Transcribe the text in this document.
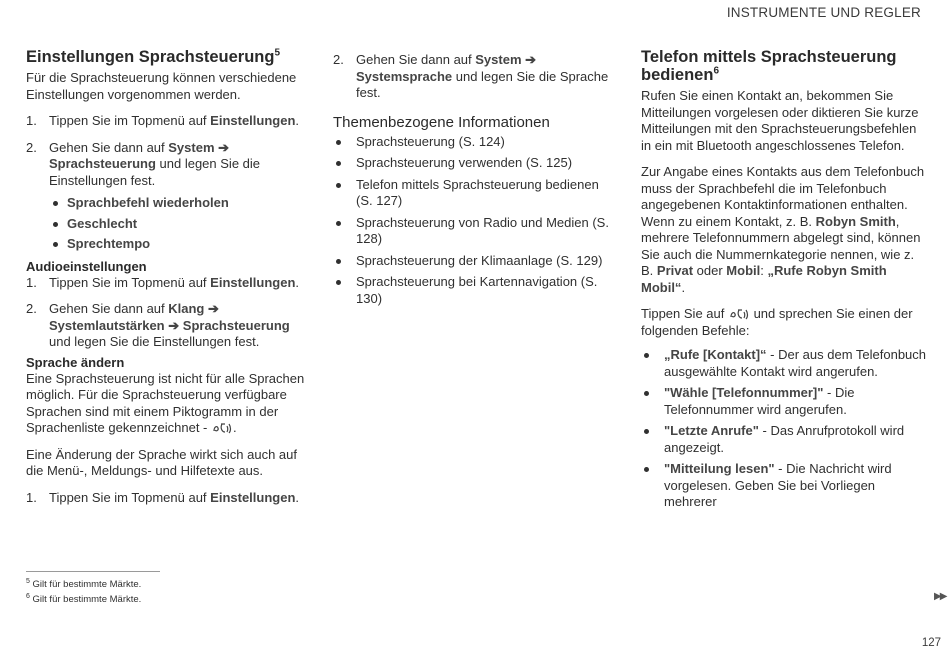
INSTRUMENTE UND REGLER
Einstellungen Sprachsteuerung$^5$

Für die Sprachsteuerung können verschiedene Einstellungen vorgenommen werden.

1. Tippen Sie im Topmenü auf Einstellungen.
2. Gehen Sie dann auf System ➔ Sprachsteuerung und legen Sie die Einstellungen fest.
Sprachbefehl wiederholen
Geschlecht
Sprechtempo
Audioeinstellungen
1. Tippen Sie im Topmenü auf Einstellungen.
2. Gehen Sie dann auf Klang ➔ Systemlautstärken ➔ Sprachsteuerung und legen Sie die Einstellungen fest.
Sprache ändern

Eine Sprachsteuerung ist nicht für alle Sprachen möglich. Für die Sprachsteuerung verfügbare Sprachen sind mit einem Piktogramm in der Sprachenliste gekennzeichnet - .

Eine Änderung der Sprache wirkt sich auch auf die Menü-, Meldungs- und Hilfetexte aus.

1. Tippen Sie im Topmenü auf Einstellungen.
2. Gehen Sie dann auf System ➔ Systemsprache und legen Sie die Sprache fest.
Themenbezogene Informationen
Sprachsteuerung (S. 124)
Sprachsteuerung verwenden (S. 125)
Telefon mittels Sprachsteuerung bedienen (S. 127)
Sprachsteuerung von Radio und Medien (S. 128)
Sprachsteuerung der Klimaanlage (S. 129)
Sprachsteuerung bei Kartennavigation (S. 130)
Telefon mittels Sprachsteuerung bedienen$^6$

Rufen Sie einen Kontakt an, bekommen Sie Mitteilungen vorgelesen oder diktieren Sie kurze Mitteilungen mit den Sprachsteuerungsbefehlen in ein mit Bluetooth angeschlossenes Telefon.

Zur Angabe eines Kontakts aus dem Telefonbuch muss der Sprachbefehl die im Telefonbuch angegebenen Kontaktinformationen enthalten. Wenn zu einem Kontakt, z. B. Robyn Smith, mehrere Telefonnummern abgelegt sind, können Sie auch die Nummernkategorie nennen, wie z. B. Privat oder Mobil: „Rufe Robyn Smith Mobil“.

Tippen Sie auf  und sprechen Sie einen der folgenden Befehle:

„Rufe [Kontakt]“ - Der aus dem Telefonbuch ausgewählte Kontakt wird angerufen.
"Wähle [Telefonnummer]" - Die Telefonnummer wird angerufen.
"Letzte Anrufe" - Das Anrufprotokoll wird angezeigt.
"Mitteilung lesen" - Die Nachricht wird vorgelesen. Geben Sie bei Vorliegen mehrerer
$^5$ Gilt für bestimmte Märkte.
$^6$ Gilt für bestimmte Märkte.	▶▶
127
